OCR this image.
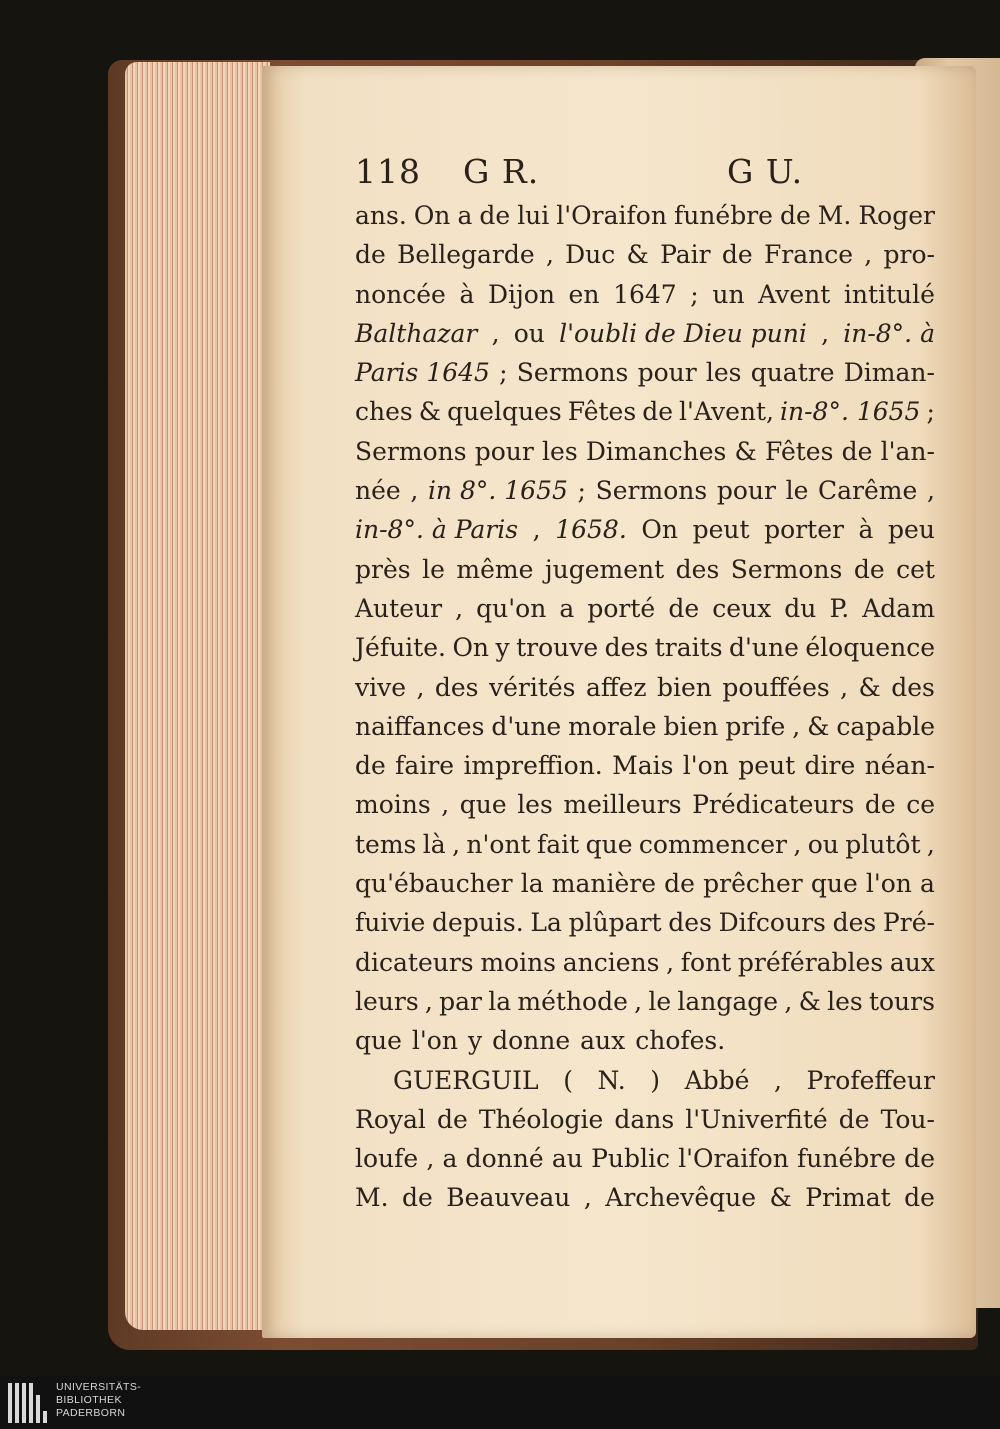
118 G R.	G U.
ans. On a de lui l'Oraifon funébre de M. Roger
de Bellegarde , Duc & Pair de France , pro-
noncée à Dijon en 1647 ; un Avent intitulé
Balthazar , ou l'oubli de Dieu puni , in-8°. à
Paris 1645 ; Sermons pour les quatre Diman-
ches & quelques Fêtes de l'Avent, in-8°. 1655 ;
Sermons pour les Dimanches & Fêtes de l'an-
née , in 8°. 1655 ; Sermons pour le Carême ,
in-8°. à Paris , 1658. On peut porter à peu
près le même jugement des Sermons de cet
Auteur , qu'on a porté de ceux du P. Adam
Jéfuite. On y trouve des traits d'une éloquence
vive , des vérités affez bien pouffées , & des
naiffances d'une morale bien prife , & capable
de faire impreffion. Mais l'on peut dire néan-
moins , que les meilleurs Prédicateurs de ce
tems là , n'ont fait que commencer , ou plutôt ,
qu'ébaucher la manière de prêcher que l'on a
fuivie depuis. La plûpart des Difcours des Pré-
dicateurs moins anciens , font préférables aux
leurs , par la méthode , le langage , & les tours
que l'on y donne aux chofes.
GUERGUIL ( N. ) Abbé , Profeffeur
Royal de Théologie dans l'Univerfité de Tou-
loufe , a donné au Public l'Oraifon funébre de
M. de Beauveau , Archevêque & Primat de
UNIVERSITÄTS-
BIBLIOTHEK
PADERBORN
